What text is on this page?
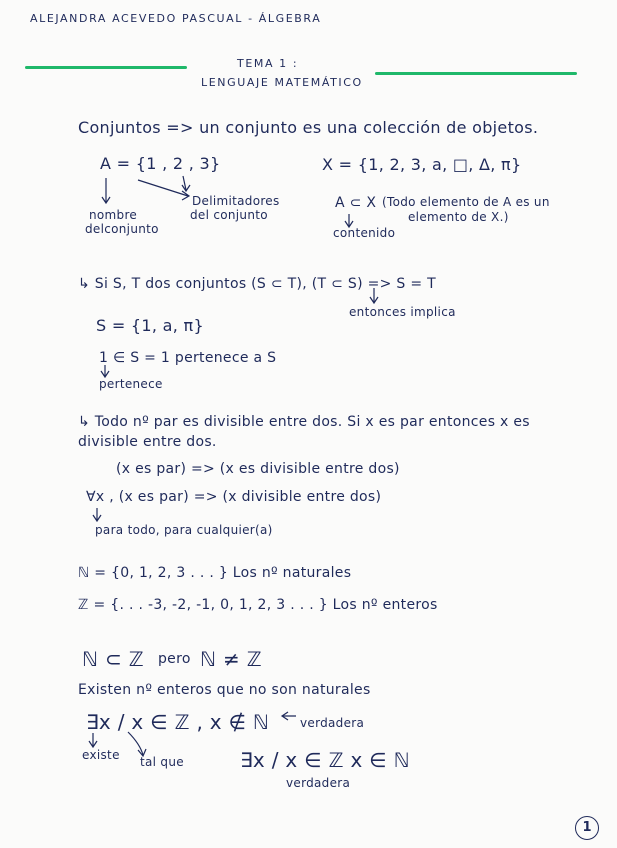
ALEJANDRA ACEVEDO PASCUAL - ÁLGEBRA
TEMA 1 :
LENGUAJE MATEMÁTICO
Conjuntos => un conjunto es una colección de objetos.
A = {1 , 2 , 3}
nombre
delconjunto
Delimitadores
del conjunto
X = {1, 2, 3, a, □, Δ, π}
A ⊂ X (Todo elemento de A es un
elemento de X.)
contenido
↳ Si S, T dos conjuntos (S ⊂ T), (T ⊂ S) => S = T
entonces implica
S = {1, a, π}
1 ∈ S = 1 pertenece a S
pertenece
↳ Todo nº par es divisible entre dos. Si x es par entonces x es
divisible entre dos.
(x es par) => (x es divisible entre dos)
∀x , (x es par) => (x divisible entre dos)
para todo, para cualquier(a)
ℕ = {0, 1, 2, 3 . . . } Los nº naturales
ℤ = {. . . -3, -2, -1, 0, 1, 2, 3 . . . } Los nº enteros
ℕ ⊂ ℤ pero ℕ ≠ ℤ
Existen nº enteros que no son naturales
∃x / x ∈ ℤ , x ∉ ℕ	verdadera
existe tal que	∃x / x ∈ ℤ x ∈ ℕ
verdadera
1
